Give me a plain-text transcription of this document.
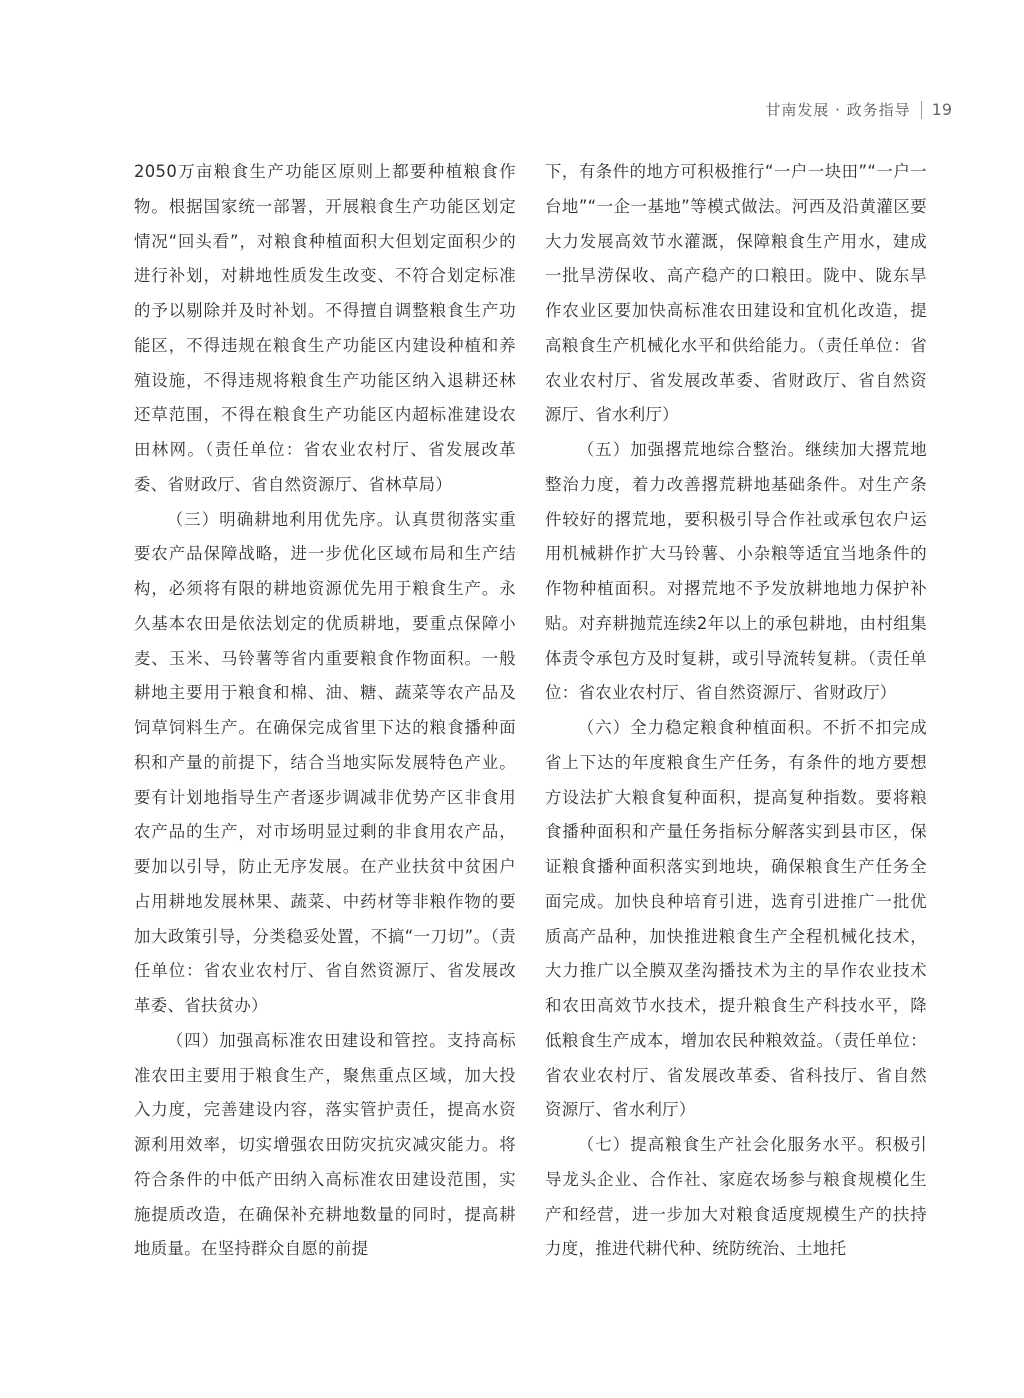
甘南发展 · 政务指导 19

2050万亩粮食生产功能区原则上都要种植粮食作物。根据国家统一部署，开展粮食生产功能区划定情况“回头看”，对粮食种植面积大但划定面积少的进行补划，对耕地性质发生改变、不符合划定标准的予以剔除并及时补划。不得擅自调整粮食生产功能区，不得违规在粮食生产功能区内建设种植和养殖设施，不得违规将粮食生产功能区纳入退耕还林还草范围，不得在粮食生产功能区内超标准建设农田林网。（责任单位：省农业农村厅、省发展改革委、省财政厅、省自然资源厅、省林草局）

（三）明确耕地利用优先序。认真贯彻落实重要农产品保障战略，进一步优化区域布局和生产结构，必须将有限的耕地资源优先用于粮食生产。永久基本农田是依法划定的优质耕地，要重点保障小麦、玉米、马铃薯等省内重要粮食作物面积。一般耕地主要用于粮食和棉、油、糖、蔬菜等农产品及饲草饲料生产。在确保完成省里下达的粮食播种面积和产量的前提下，结合当地实际发展特色产业。要有计划地指导生产者逐步调减非优势产区非食用农产品的生产，对市场明显过剩的非食用农产品，要加以引导，防止无序发展。在产业扶贫中贫困户占用耕地发展林果、蔬菜、中药材等非粮作物的要加大政策引导，分类稳妥处置，不搞“一刀切”。（责任单位：省农业农村厅、省自然资源厅、省发展改革委、省扶贫办）

（四）加强高标准农田建设和管控。支持高标准农田主要用于粮食生产，聚焦重点区域，加大投入力度，完善建设内容，落实管护责任，提高水资源利用效率，切实增强农田防灾抗灾减灾能力。将符合条件的中低产田纳入高标准农田建设范围，实施提质改造，在确保补充耕地数量的同时，提高耕地质量。在坚持群众自愿的前提

下，有条件的地方可积极推行“一户一块田”“一户一台地”“一企一基地”等模式做法。河西及沿黄灌区要大力发展高效节水灌溉，保障粮食生产用水，建成一批旱涝保收、高产稳产的口粮田。陇中、陇东旱作农业区要加快高标准农田建设和宜机化改造，提高粮食生产机械化水平和供给能力。（责任单位：省农业农村厅、省发展改革委、省财政厅、省自然资源厅、省水利厅）

（五）加强撂荒地综合整治。继续加大撂荒地整治力度，着力改善撂荒耕地基础条件。对生产条件较好的撂荒地，要积极引导合作社或承包农户运用机械耕作扩大马铃薯、小杂粮等适宜当地条件的作物种植面积。对撂荒地不予发放耕地地力保护补贴。对弃耕抛荒连续2年以上的承包耕地，由村组集体责令承包方及时复耕，或引导流转复耕。（责任单位：省农业农村厅、省自然资源厅、省财政厅）

（六）全力稳定粮食种植面积。不折不扣完成省上下达的年度粮食生产任务，有条件的地方要想方设法扩大粮食复种面积，提高复种指数。要将粮食播种面积和产量任务指标分解落实到县市区，保证粮食播种面积落实到地块，确保粮食生产任务全面完成。加快良种培育引进，选育引进推广一批优质高产品种，加快推进粮食生产全程机械化技术，大力推广以全膜双垄沟播技术为主的旱作农业技术和农田高效节水技术，提升粮食生产科技水平，降低粮食生产成本，增加农民种粮效益。（责任单位：省农业农村厅、省发展改革委、省科技厅、省自然资源厅、省水利厅）

（七）提高粮食生产社会化服务水平。积极引导龙头企业、合作社、家庭农场参与粮食规模化生产和经营，进一步加大对粮食适度规模生产的扶持力度，推进代耕代种、统防统治、土地托
